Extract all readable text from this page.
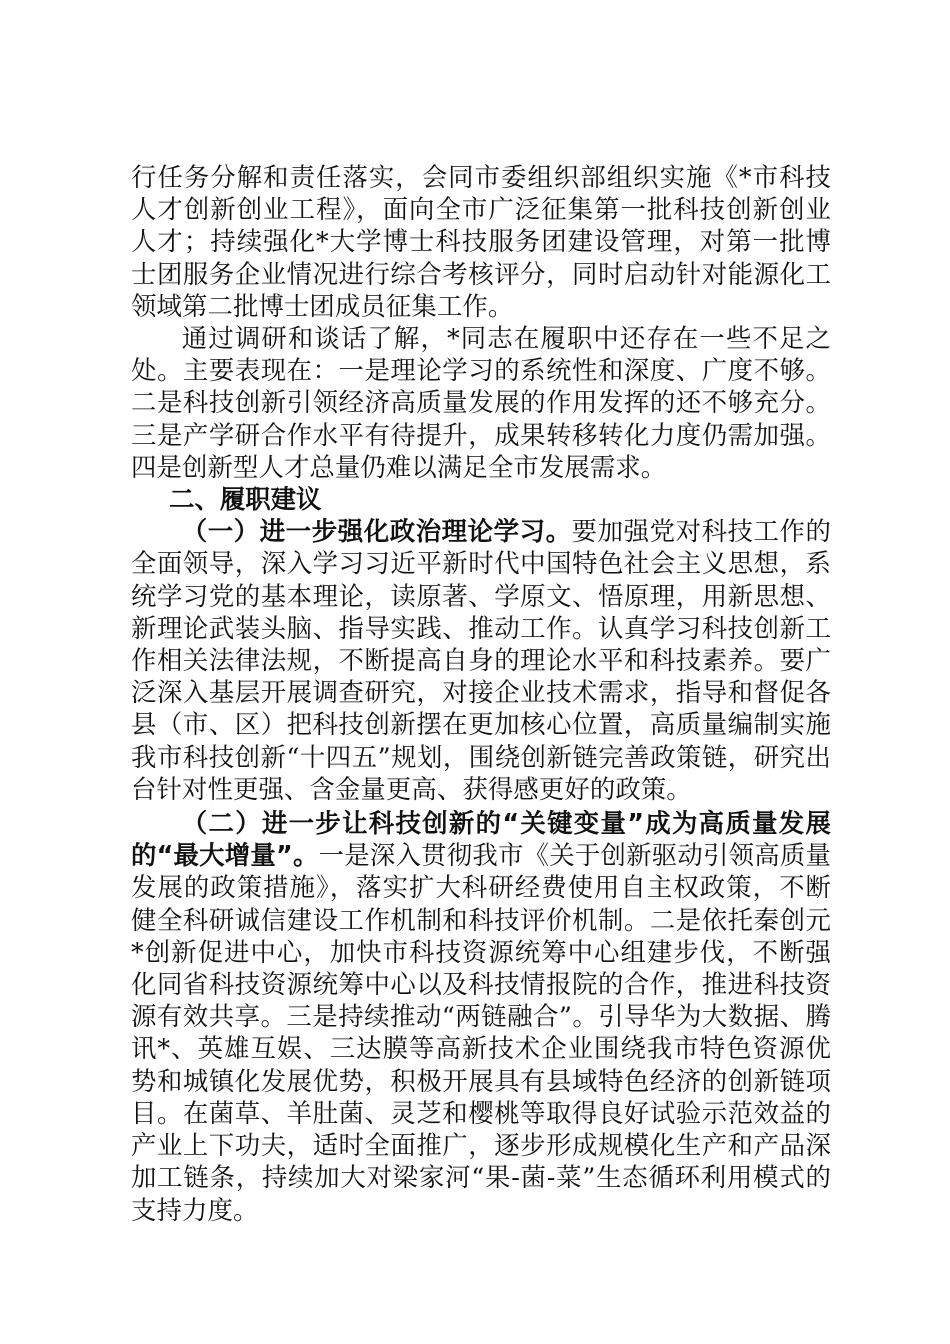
行任务分解和责任落实，会同市委组织部组织实施《*市科技人才创新创业工程》，面向全市广泛征集第一批科技创新创业人才；持续强化*大学博士科技服务团建设管理，对第一批博士团服务企业情况进行综合考核评分，同时启动针对能源化工领域第二批博士团成员征集工作。

通过调研和谈话了解，*同志在履职中还存在一些不足之处。主要表现在：一是理论学习的系统性和深度、广度不够。二是科技创新引领经济高质量发展的作用发挥的还不够充分。三是产学研合作水平有待提升，成果转移转化力度仍需加强。四是创新型人才总量仍难以满足全市发展需求。

二、履职建议

（一）进一步强化政治理论学习。要加强党对科技工作的全面领导，深入学习习近平新时代中国特色社会主义思想，系统学习党的基本理论，读原著、学原文、悟原理，用新思想、新理论武装头脑、指导实践、推动工作。认真学习科技创新工作相关法律法规，不断提高自身的理论水平和科技素养。要广泛深入基层开展调查研究，对接企业技术需求，指导和督促各县（市、区）把科技创新摆在更加核心位置，高质量编制实施我市科技创新“十四五”规划，围绕创新链完善政策链，研究出台针对性更强、含金量更高、获得感更好的政策。

（二）进一步让科技创新的“关键变量”成为高质量发展的“最大增量”。一是深入贯彻我市《关于创新驱动引领高质量发展的政策措施》，落实扩大科研经费使用自主权政策，不断健全科研诚信建设工作机制和科技评价机制。二是依托秦创元*创新促进中心，加快市科技资源统筹中心组建步伐，不断强化同省科技资源统筹中心以及科技情报院的合作，推进科技资源有效共享。三是持续推动“两链融合”。引导华为大数据、腾讯*、英雄互娱、三达膜等高新技术企业围绕我市特色资源优势和城镇化发展优势，积极开展具有县域特色经济的创新链项目。在菌草、羊肚菌、灵芝和樱桃等取得良好试验示范效益的产业上下功夫，适时全面推广，逐步形成规模化生产和产品深加工链条，持续加大对梁家河“果-菌-菜”生态循环利用模式的支持力度。
